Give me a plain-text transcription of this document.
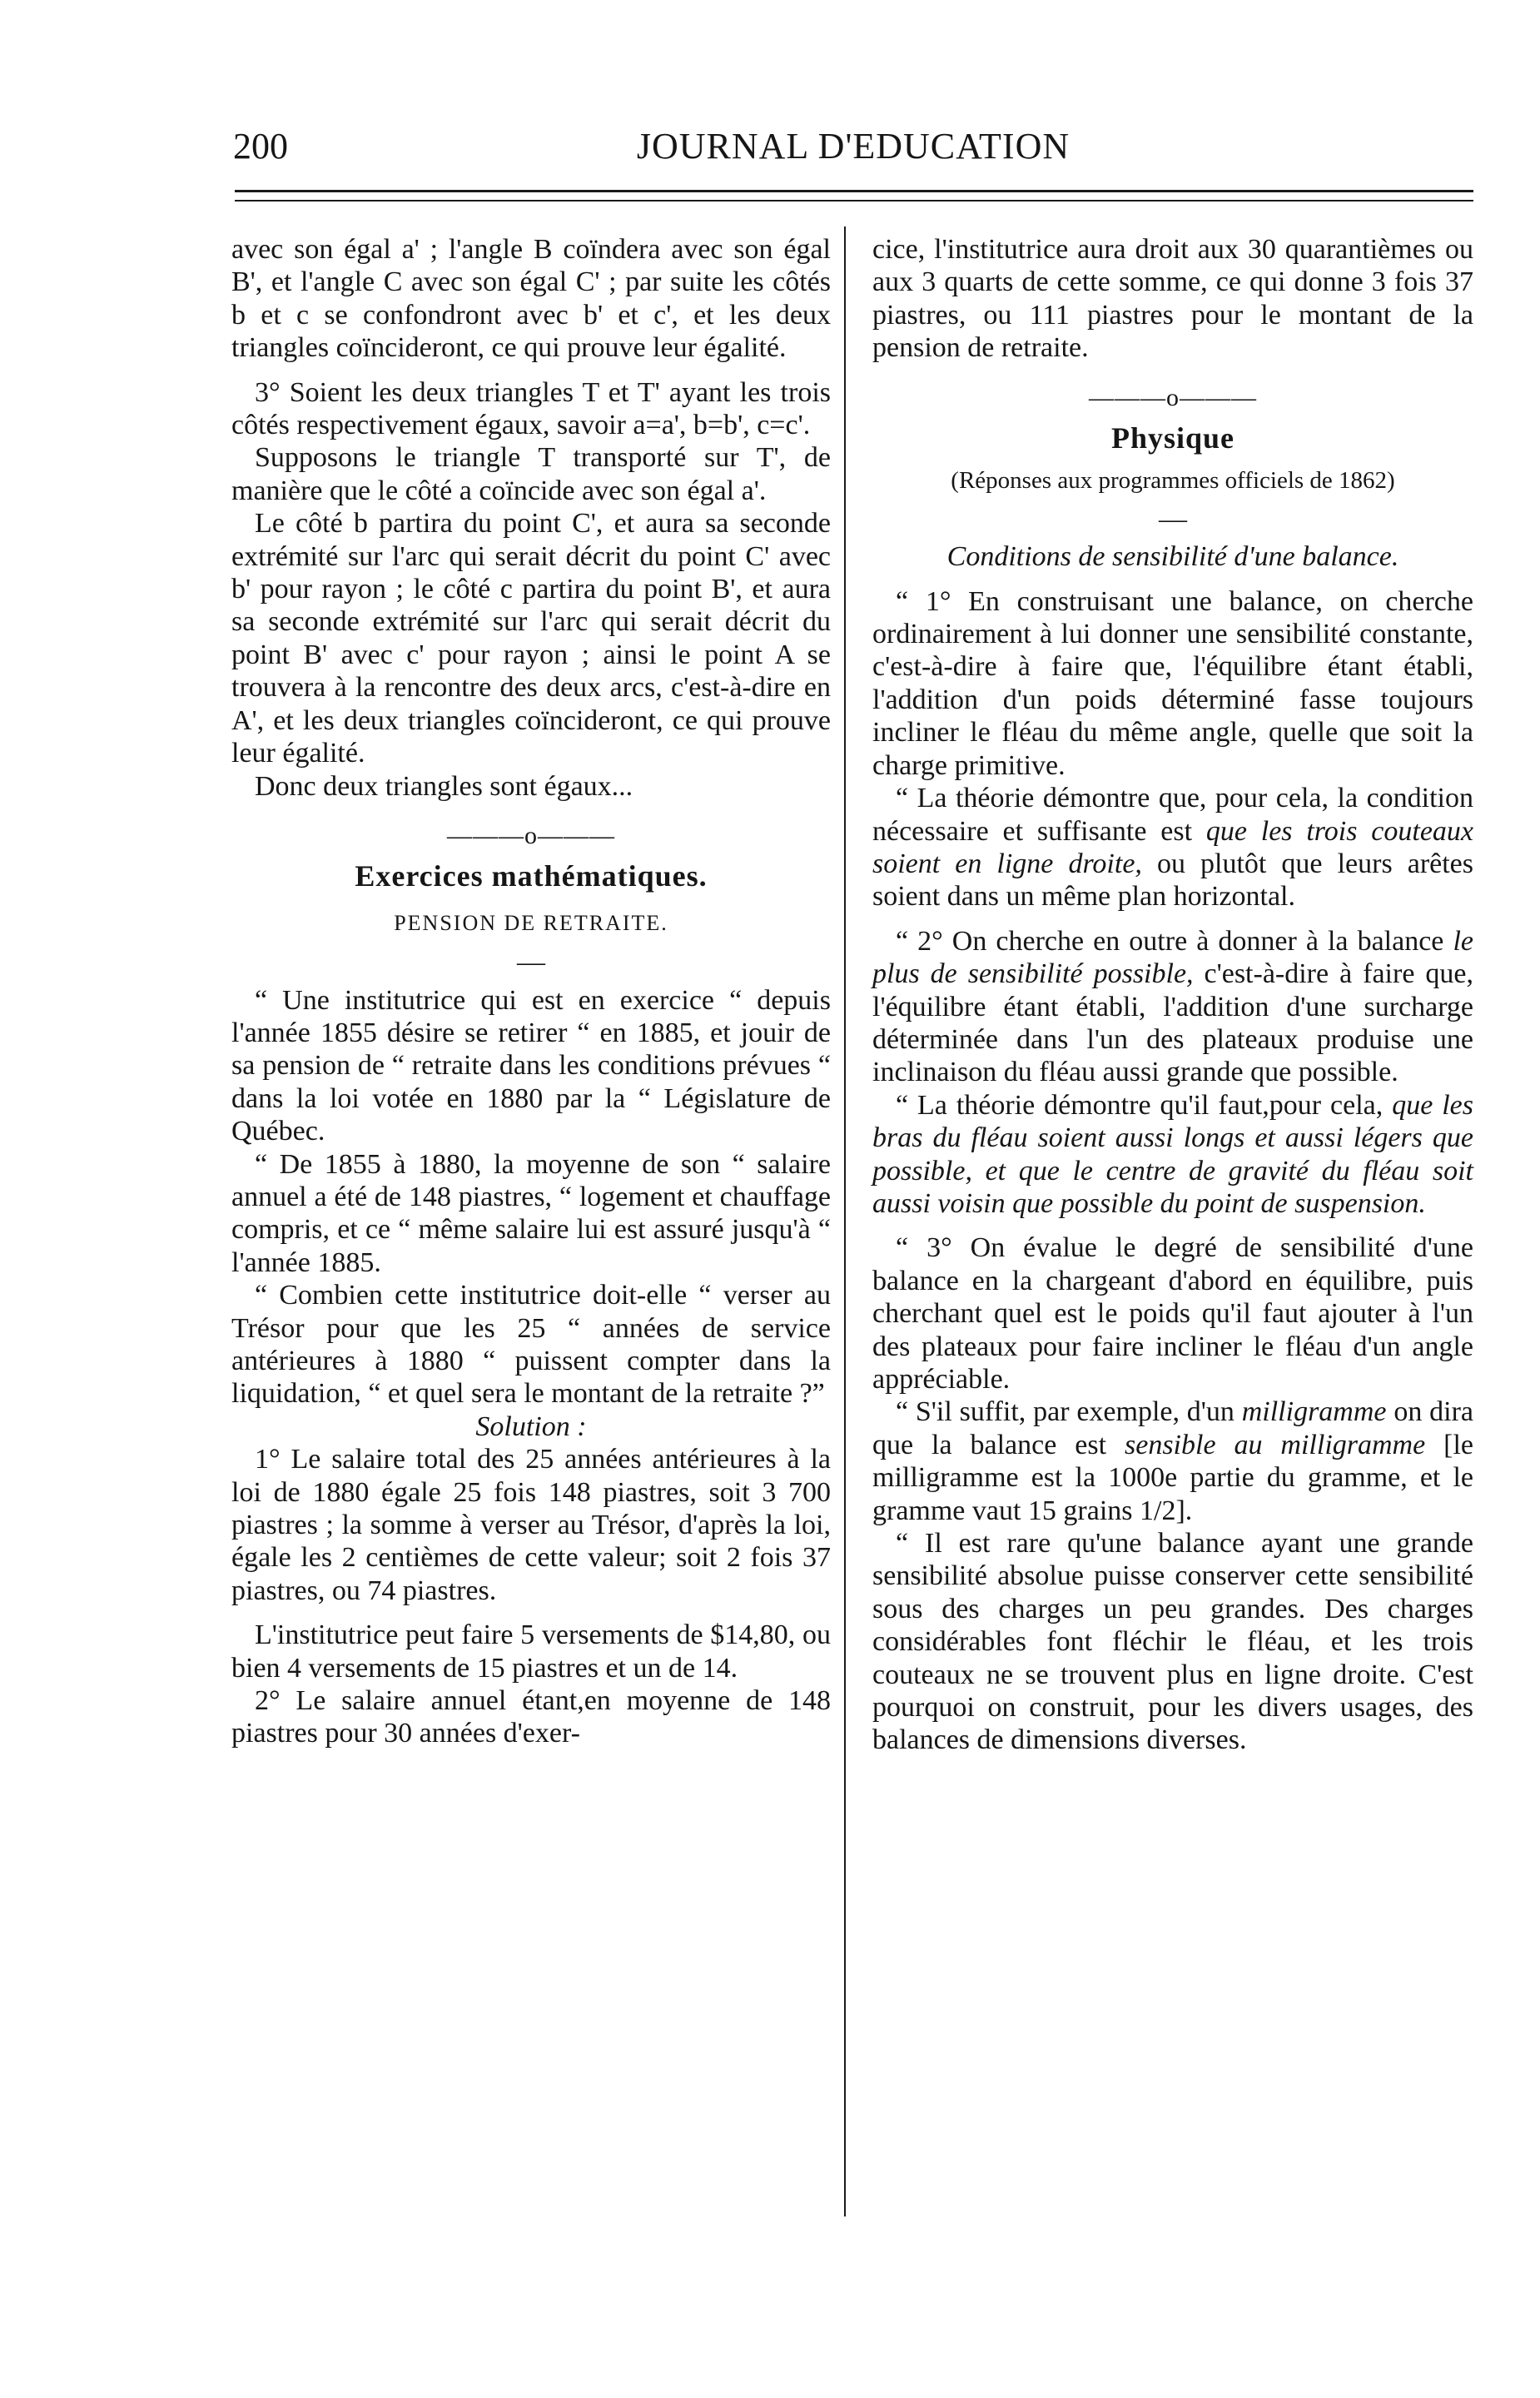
200	JOURNAL D'EDUCATION

avec son égal a' ; l'angle B coïndera avec son égal B', et l'angle C avec son égal C' ; par suite les côtés b et c se confondront avec b' et c', et les deux triangles coïncideront, ce qui prouve leur égalité.

3° Soient les deux triangles T et T' ayant les trois côtés respectivement égaux, savoir a=a', b=b', c=c'.

Supposons le triangle T transporté sur T', de manière que le côté a coïncide avec son égal a'.

Le côté b partira du point C', et aura sa seconde extrémité sur l'arc qui serait décrit du point C' avec b' pour rayon ; le côté c partira du point B', et aura sa seconde extrémité sur l'arc qui serait décrit du point B' avec c' pour rayon ; ainsi le point A se trouvera à la rencontre des deux arcs, c'est-à-dire en A', et les deux triangles coïncideront, ce qui prouve leur égalité.

Donc deux triangles sont égaux...

———o———
Exercices mathématiques.
PENSION DE RETRAITE.
—

“ Une institutrice qui est en exercice “ depuis l'année 1855 désire se retirer “ en 1885, et jouir de sa pension de “ retraite dans les conditions prévues “ dans la loi votée en 1880 par la “ Législature de Québec.

“ De 1855 à 1880, la moyenne de son “ salaire annuel a été de 148 piastres, “ logement et chauffage compris, et ce “ même salaire lui est assuré jusqu'à “ l'année 1885.

“ Combien cette institutrice doit-elle “ verser au Trésor pour que les 25 “ années de service antérieures à 1880 “ puissent compter dans la liquidation, “ et quel sera le montant de la retraite ?”

Solution :

1° Le salaire total des 25 années antérieures à la loi de 1880 égale 25 fois 148 piastres, soit 3 700 piastres ; la somme à verser au Trésor, d'après la loi, égale les 2 centièmes de cette valeur; soit 2 fois 37 piastres, ou 74 piastres.

L'institutrice peut faire 5 versements de $14,80, ou bien 4 versements de 15 piastres et un de 14.

2° Le salaire annuel étant,en moyenne de 148 piastres pour 30 années d'exer-

cice, l'institutrice aura droit aux 30 quarantièmes ou aux 3 quarts de cette somme, ce qui donne 3 fois 37 piastres, ou 111 piastres pour le montant de la pension de retraite.

———o———
Physique
(Réponses aux programmes officiels de 1862)
—

Conditions de sensibilité d'une balance.

“ 1° En construisant une balance, on cherche ordinairement à lui donner une sensibilité constante, c'est-à-dire à faire que, l'équilibre étant établi, l'addition d'un poids déterminé fasse toujours incliner le fléau du même angle, quelle que soit la charge primitive.

“ La théorie démontre que, pour cela, la condition nécessaire et suffisante est que les trois couteaux soient en ligne droite, ou plutôt que leurs arêtes soient dans un même plan horizontal.

“ 2° On cherche en outre à donner à la balance le plus de sensibilité possible, c'est-à-dire à faire que, l'équilibre étant établi, l'addition d'une surcharge déterminée dans l'un des plateaux produise une inclinaison du fléau aussi grande que possible.

“ La théorie démontre qu'il faut,pour cela, que les bras du fléau soient aussi longs et aussi légers que possible, et que le centre de gravité du fléau soit aussi voisin que possible du point de suspension.

“ 3° On évalue le degré de sensibilité d'une balance en la chargeant d'abord en équilibre, puis cherchant quel est le poids qu'il faut ajouter à l'un des plateaux pour faire incliner le fléau d'un angle appréciable.

“ S'il suffit, par exemple, d'un milligramme on dira que la balance est sensible au milligramme [le milligramme est la 1000e partie du gramme, et le gramme vaut 15 grains 1/2].

“ Il est rare qu'une balance ayant une grande sensibilité absolue puisse conserver cette sensibilité sous des charges un peu grandes. Des charges considérables font fléchir le fléau, et les trois couteaux ne se trouvent plus en ligne droite. C'est pourquoi on construit, pour les divers usages, des balances de dimensions diverses.
